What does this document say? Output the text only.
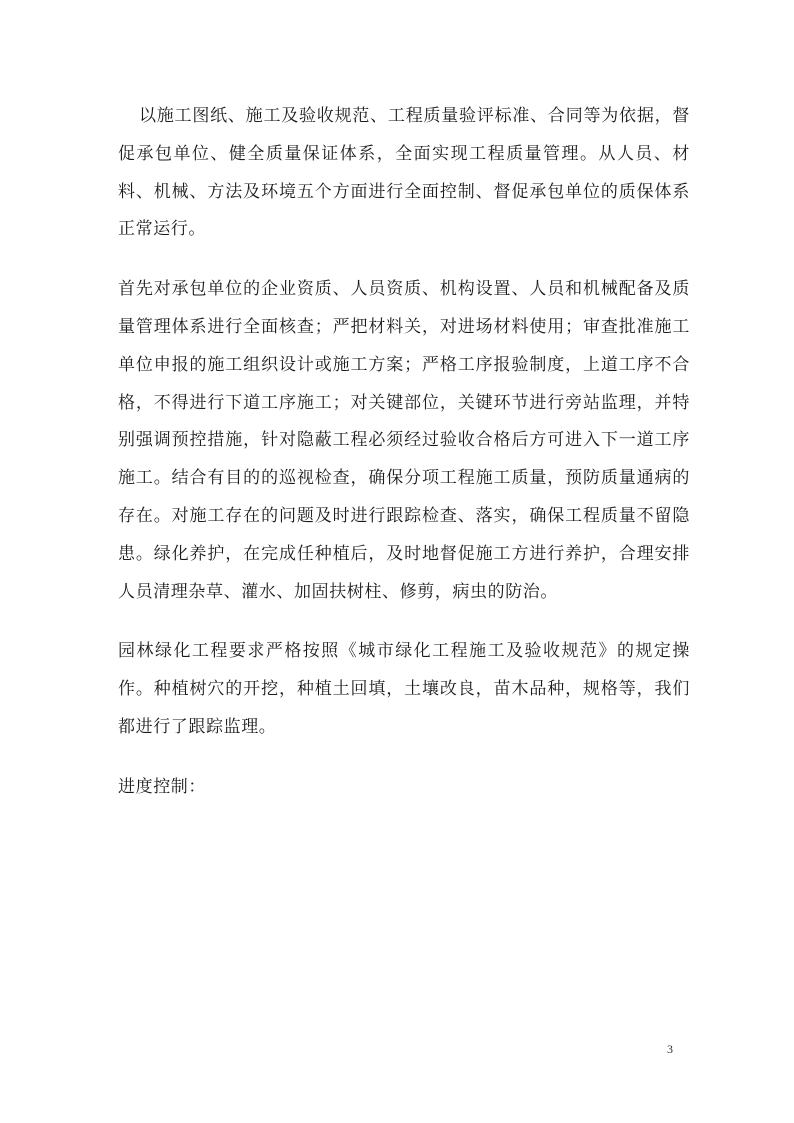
以施工图纸、施工及验收规范、工程质量验评标准、合同等为依据，督促承包单位、健全质量保证体系，全面实现工程质量管理。从人员、材料、机械、方法及环境五个方面进行全面控制、督促承包单位的质保体系正常运行。

首先对承包单位的企业资质、人员资质、机构设置、人员和机械配备及质量管理体系进行全面核查；严把材料关，对进场材料使用；审查批准施工单位申报的施工组织设计或施工方案；严格工序报验制度，上道工序不合格，不得进行下道工序施工；对关键部位，关键环节进行旁站监理，并特别强调预控措施，针对隐蔽工程必须经过验收合格后方可进入下一道工序施工。结合有目的的巡视检查，确保分项工程施工质量，预防质量通病的存在。对施工存在的问题及时进行跟踪检查、落实，确保工程质量不留隐患。绿化养护，在完成任种植后，及时地督促施工方进行养护，合理安排人员清理杂草、灌水、加固扶树柱、修剪，病虫的防治。

园林绿化工程要求严格按照《城市绿化工程施工及验收规范》的规定操作。种植树穴的开挖，种植土回填，土壤改良，苗木品种，规格等，我们都进行了跟踪监理。

进度控制：

3
